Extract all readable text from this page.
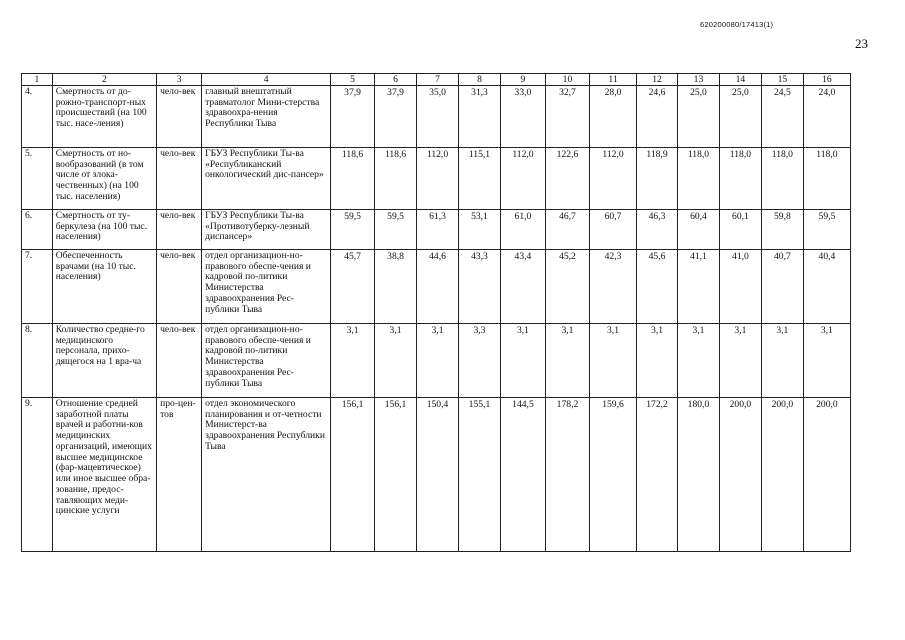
620200080/17413(1)
23
1	2	3	4	5	6	7	8	9	10	11	12	13	14	15	16
4.	Смертность от до-рожно-транспорт-ных происшествий (на 100 тыс. насе-ления)	чело-век	главный внештатный травматолог Мини-стерства здравоохра-нения Республики Тыва	37,9	37,9	35,0	31,3	33,0	32,7	28,0	24,6	25,0	25,0	24,5	24,0
5.	Смертность от но-вообразований (в том числе от злока-чественных) (на 100 тыс. населения)	чело-век	ГБУЗ Республики Ты-ва «Республиканский онкологический дис-пансер»	118,6	118,6	112,0	115,1	112,0	122,6	112,0	118,9	118,0	118,0	118,0	118,0
6.	Смертность от ту-беркулеза (на 100 тыс. населения)	чело-век	ГБУЗ Республики Ты-ва «Противотуберку-лезный диспансер»	59,5	59,5	61,3	53,1	61,0	46,7	60,7	46,3	60,4	60,1	59,8	59,5
7.	Обеспеченность врачами (на 10 тыс. населения)	чело-век	отдел организацион-но-правового обеспе-чения и кадровой по-литики Министерства здравоохранения Рес-публики Тыва	45,7	38,8	44,6	43,3	43,4	45,2	42,3	45,6	41,1	41,0	40,7	40,4
8.	Количество средне-го медицинского персонала, прихо-дящегося на 1 вра-ча	чело-век	отдел организацион-но-правового обеспе-чения и кадровой по-литики Министерства здравоохранения Рес-публики Тыва	3,1	3,1	3,1	3,3	3,1	3,1	3,1	3,1	3,1	3,1	3,1	3,1
9.	Отношение средней заработной платы врачей и работни-ков медицинских организаций, имеющих высшее медицинское (фар-мацевтическое) или иное высшее обра-зование, предос-тавляющих меди-цинские услуги	про-цен-тов	отдел экономического планирования и от-четности Министерст-ва здравоохранения Республики Тыва	156,1	156,1	150,4	155,1	144,5	178,2	159,6	172,2	180,0	200,0	200,0	200,0
